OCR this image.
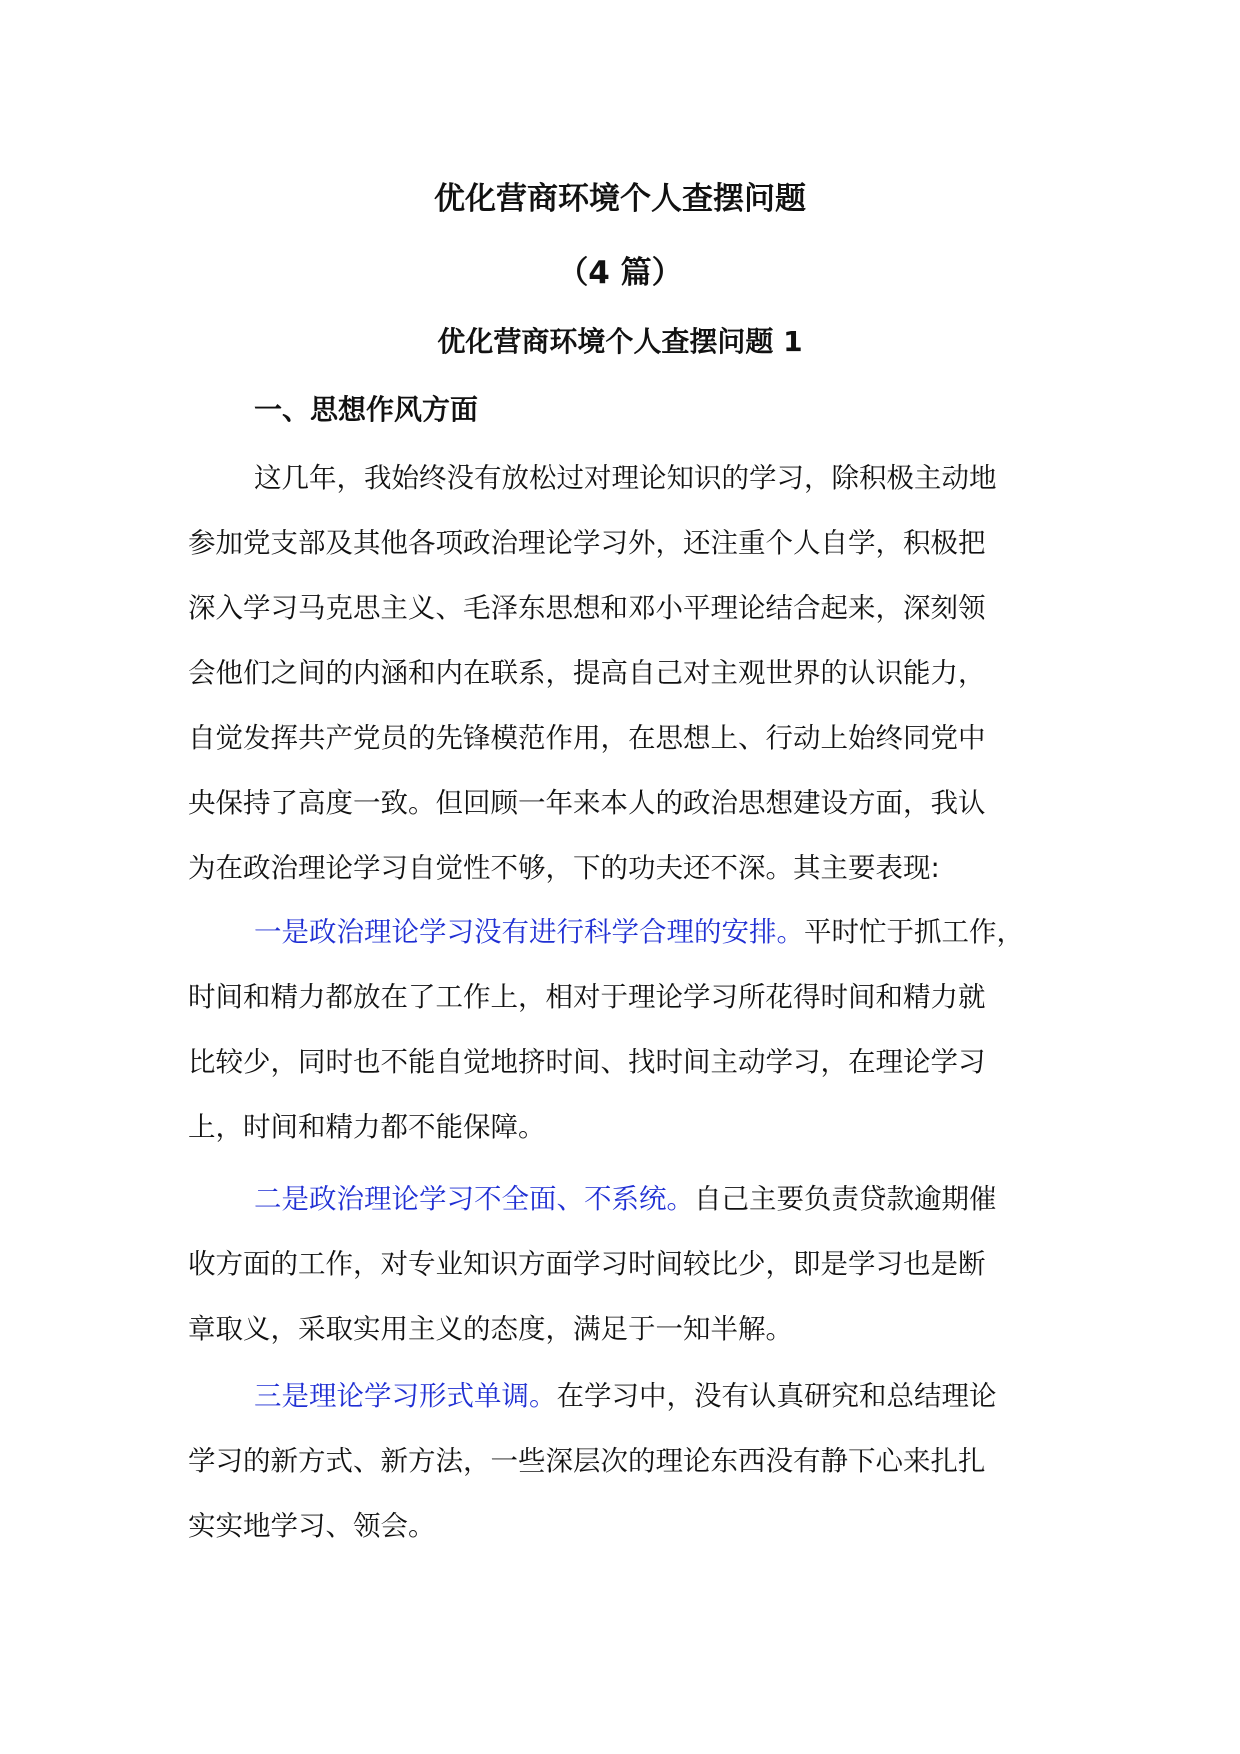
优化营商环境个人查摆问题
（4 篇）
优化营商环境个人查摆问题 1
一、思想作风方面
这几年，我始终没有放松过对理论知识的学习，除积极主动地
参加党支部及其他各项政治理论学习外，还注重个人自学，积极把
深入学习马克思主义、毛泽东思想和邓小平理论结合起来，深刻领
会他们之间的内涵和内在联系，提高自己对主观世界的认识能力，
自觉发挥共产党员的先锋模范作用，在思想上、行动上始终同党中
央保持了高度一致。但回顾一年来本人的政治思想建设方面，我认
为在政治理论学习自觉性不够，下的功夫还不深。其主要表现:
一是政治理论学习没有进行科学合理的安排。平时忙于抓工作，
时间和精力都放在了工作上，相对于理论学习所花得时间和精力就
比较少，同时也不能自觉地挤时间、找时间主动学习，在理论学习
上，时间和精力都不能保障。
二是政治理论学习不全面、不系统。自己主要负责贷款逾期催
收方面的工作，对专业知识方面学习时间较比少，即是学习也是断
章取义，采取实用主义的态度，满足于一知半解。
三是理论学习形式单调。在学习中，没有认真研究和总结理论
学习的新方式、新方法，一些深层次的理论东西没有静下心来扎扎
实实地学习、领会。
